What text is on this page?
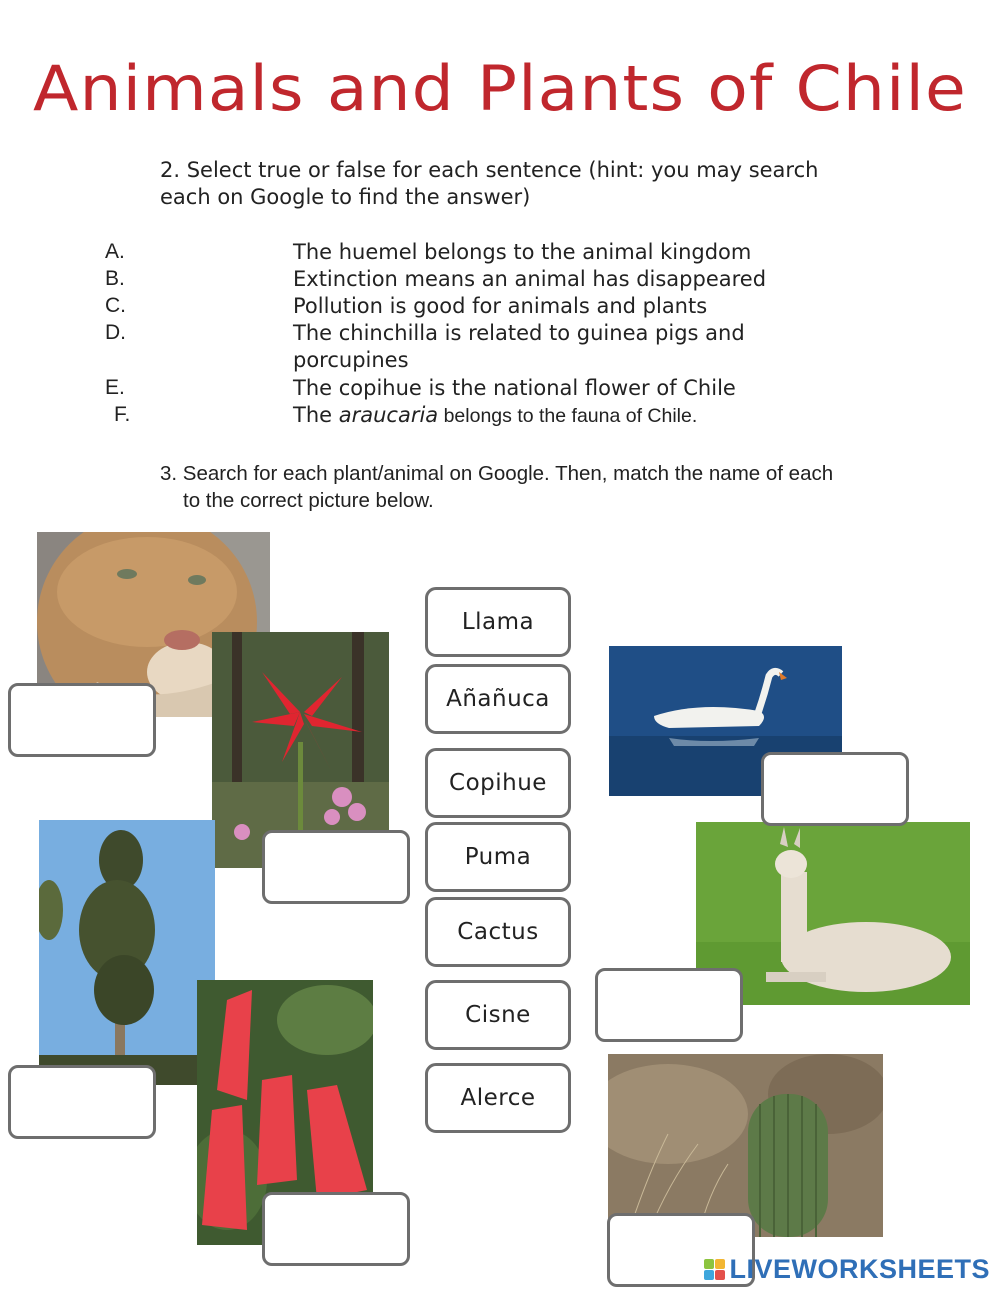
Animals and Plants of Chile
2. Select true or false for each sentence (hint: you may search
each on Google to find the answer)
A.	The huemel belongs to the animal kingdom
B.	Extinction means an animal has disappeared
C.	Pollution is good for animals and plants
D.	The chinchilla is related to guinea pigs and
porcupines
E.	The copihue is the national flower of Chile
F.	The araucaria belongs to the fauna of Chile.
3. Search for each plant/animal on Google. Then, match the name of each
to the correct picture below.
Llama
Añañuca
Copihue
Puma
Cactus
Cisne
Alerce
LIVEWORKSHEETS
